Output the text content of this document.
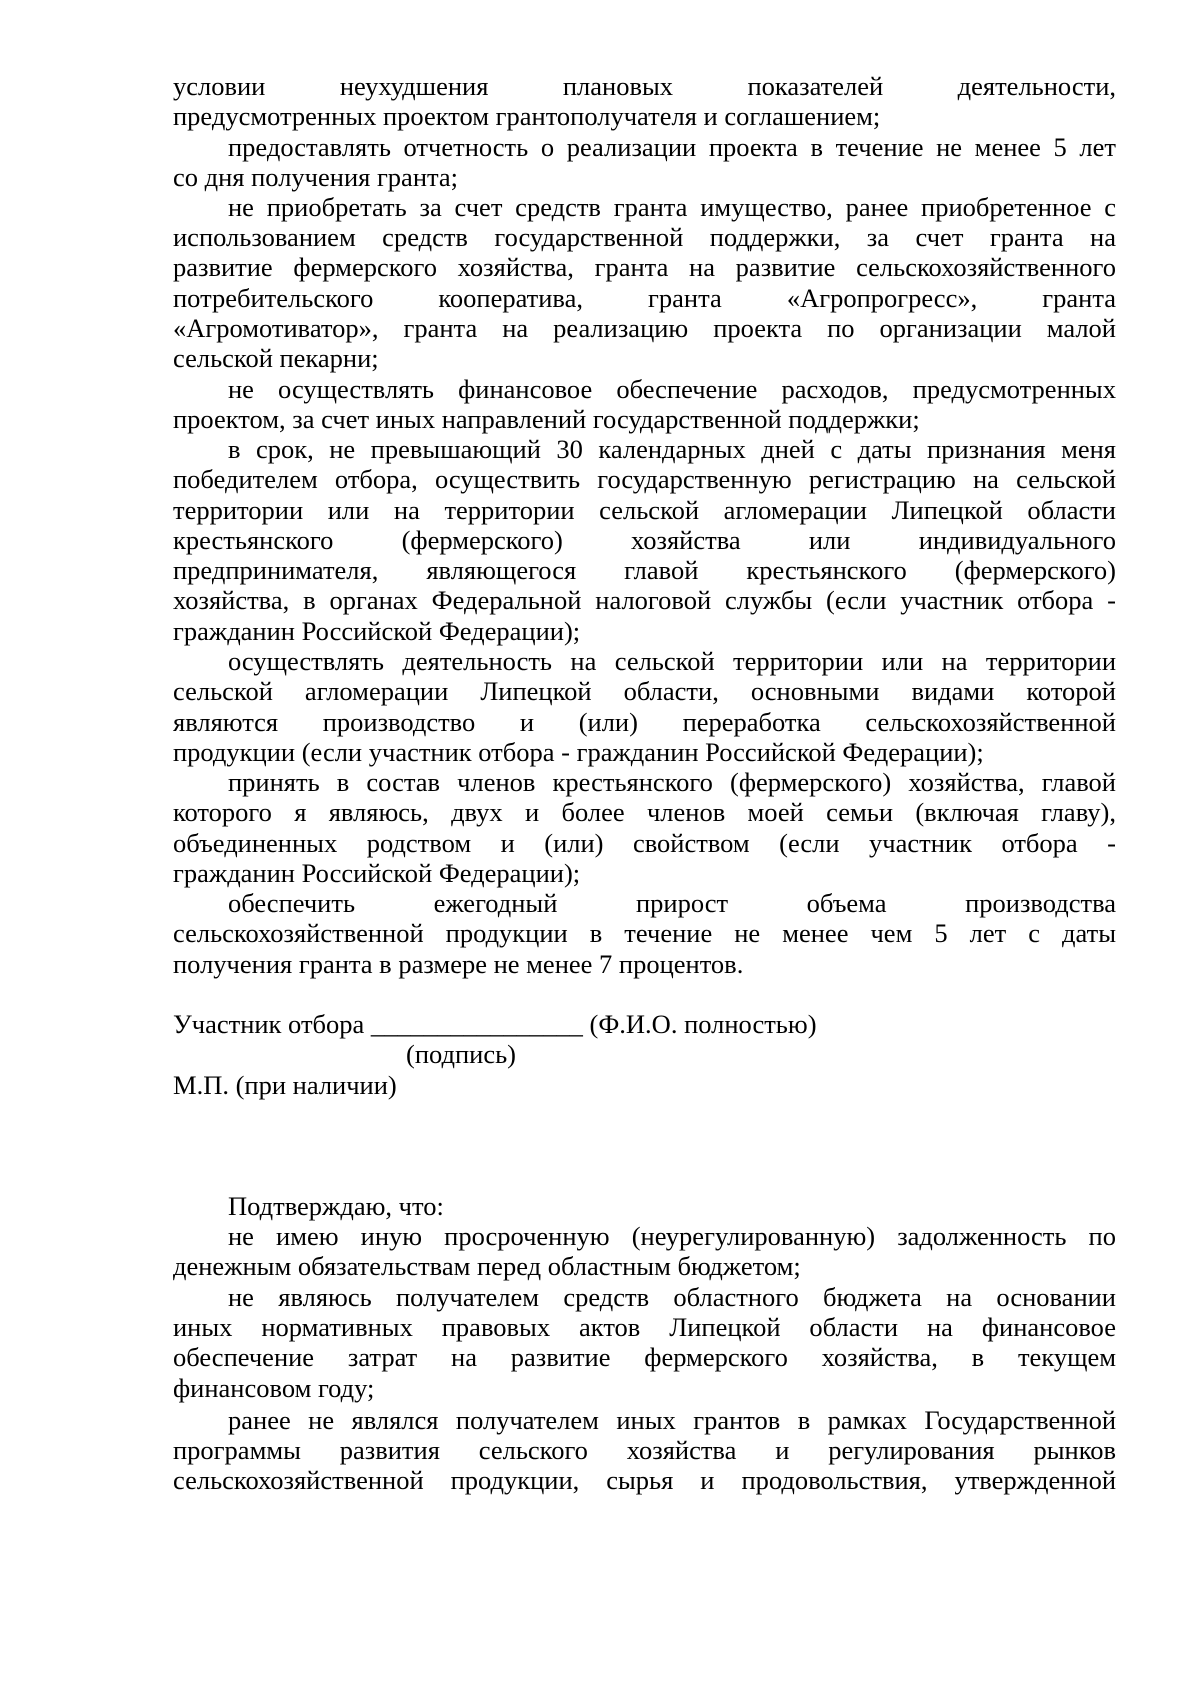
условии неухудшения плановых показателей деятельности,
предусмотренных проектом грантополучателя и соглашением;
предоставлять отчетность о реализации проекта в течение не менее 5 лет
со дня получения гранта;
не приобретать за счет средств гранта имущество, ранее приобретенное с
использованием средств государственной поддержки, за счет гранта на
развитие фермерского хозяйства, гранта на развитие сельскохозяйственного
потребительского кооператива, гранта «Агропрогресс», гранта
«Агромотиватор», гранта на реализацию проекта по организации малой
сельской пекарни;
не осуществлять финансовое обеспечение расходов, предусмотренных
проектом, за счет иных направлений государственной поддержки;
в срок, не превышающий 30 календарных дней с даты признания меня
победителем отбора, осуществить государственную регистрацию на сельской
территории или на территории сельской агломерации Липецкой области
крестьянского (фермерского) хозяйства или индивидуального
предпринимателя, являющегося главой крестьянского (фермерского)
хозяйства, в органах Федеральной налоговой службы (если участник отбора -
гражданин Российской Федерации);
осуществлять деятельность на сельской территории или на территории
сельской агломерации Липецкой области, основными видами которой
являются производство и (или) переработка сельскохозяйственной
продукции (если участник отбора - гражданин Российской Федерации);
принять в состав членов крестьянского (фермерского) хозяйства, главой
которого я являюсь, двух и более членов моей семьи (включая главу),
объединенных родством и (или) свойством (если участник отбора -
гражданин Российской Федерации);
обеспечить ежегодный прирост объема производства
сельскохозяйственной продукции в течение не менее чем 5 лет с даты
получения гранта в размере не менее 7 процентов.
Участник отбора ________________ (Ф.И.О. полностью)
(подпись)
М.П. (при наличии)
Подтверждаю, что:
не имею иную просроченную (неурегулированную) задолженность по
денежным обязательствам перед областным бюджетом;
не являюсь получателем средств областного бюджета на основании
иных нормативных правовых актов Липецкой области на финансовое
обеспечение затрат на развитие фермерского хозяйства, в текущем
финансовом году;
ранее не являлся получателем иных грантов в рамках Государственной
программы развития сельского хозяйства и регулирования рынков
сельскохозяйственной продукции, сырья и продовольствия, утвержденной
